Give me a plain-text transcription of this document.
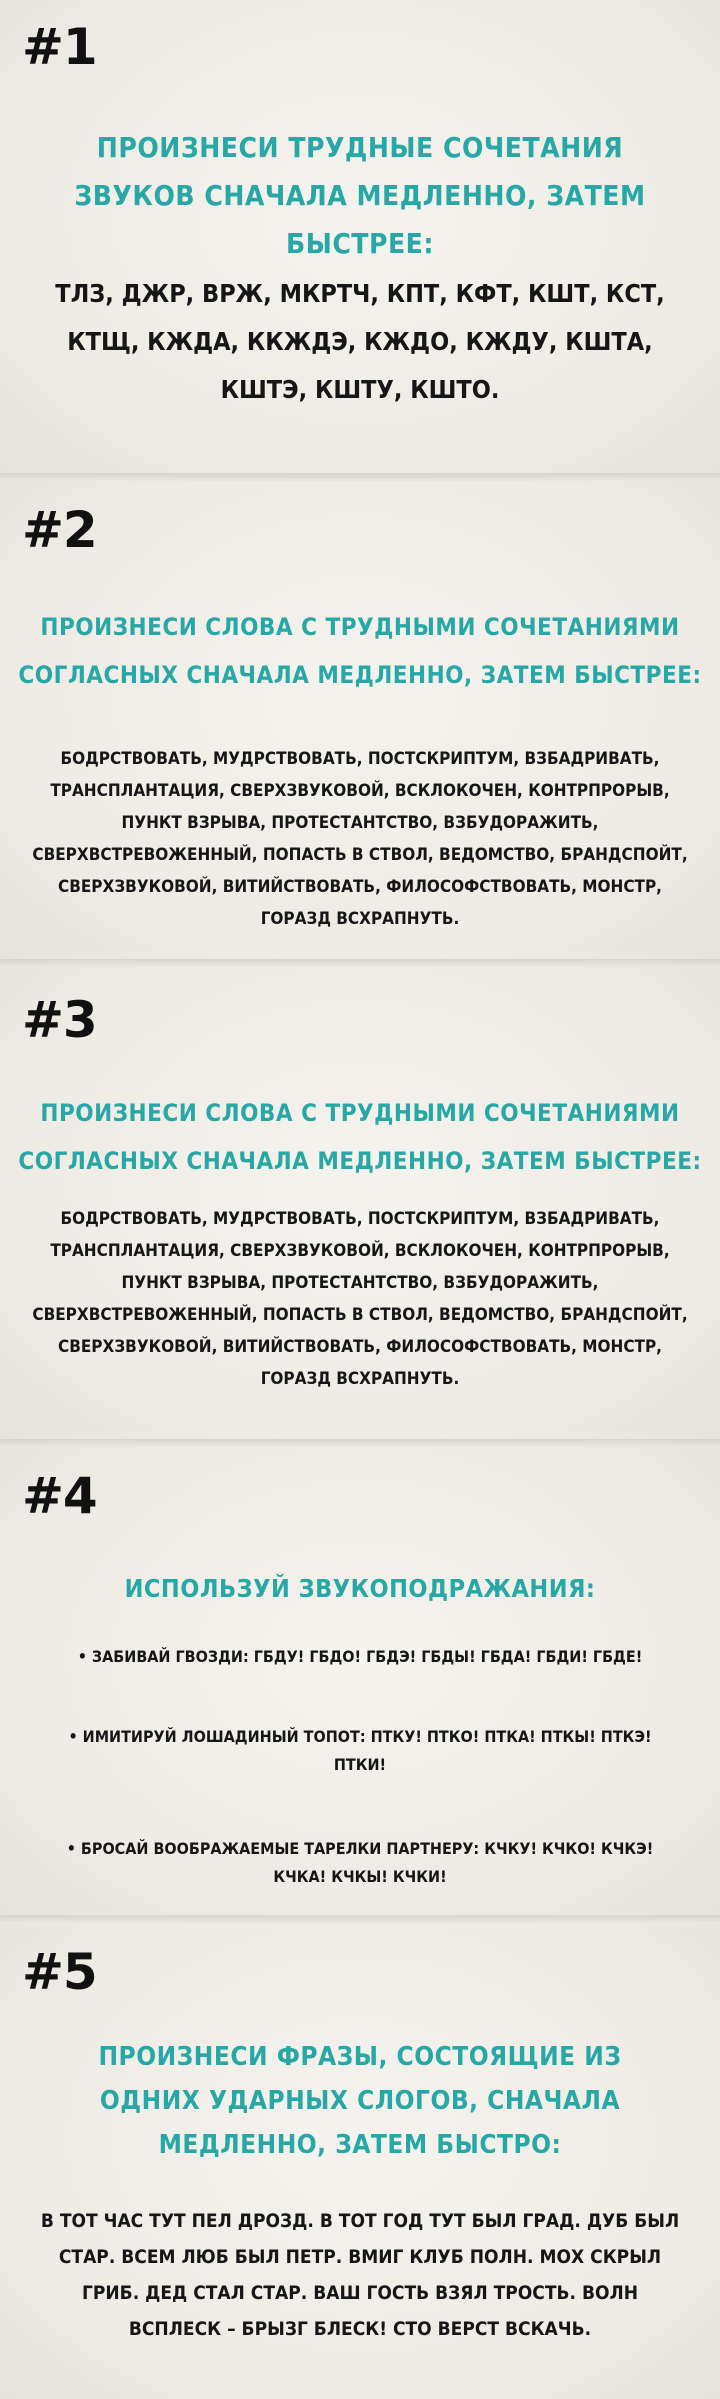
#1
ПРОИЗНЕСИ ТРУДНЫЕ СОЧЕТАНИЯ ЗВУКОВ СНАЧАЛА МЕДЛЕННО, ЗАТЕМ БЫСТРЕЕ:
ТЛЗ, ДЖР, ВРЖ, МКРТЧ, КПТ, КФТ, КШТ, КСТ, КТЩ, КЖДА, ККЖДЭ, КЖДО, КЖДУ, КШТА, КШТЭ, КШТУ, КШТО.
#2
ПРОИЗНЕСИ СЛОВА С ТРУДНЫМИ СОЧЕТАНИЯМИ СОГЛАСНЫХ СНАЧАЛА МЕДЛЕННО, ЗАТЕМ БЫСТРЕЕ:
БОДРСТВОВАТЬ, МУДРСТВОВАТЬ, ПОСТСКРИПТУМ, ВЗБАДРИВАТЬ, ТРАНСПЛАНТАЦИЯ, СВЕРХЗВУКОВОЙ, ВСКЛОКОЧЕН, КОНТРПРОРЫВ, ПУНКТ ВЗРЫВА, ПРОТЕСТАНТСТВО, ВЗБУДОРАЖИТЬ, СВЕРХВСТРЕВОЖЕННЫЙ, ПОПАСТЬ В СТВОЛ, ВЕДОМСТВО, БРАНДСПОЙТ, СВЕРХЗВУКОВОЙ, ВИТИЙСТВОВАТЬ, ФИЛОСОФСТВОВАТЬ, МОНСТР, ГОРАЗД ВСХРАПНУТЬ.
#3
ПРОИЗНЕСИ СЛОВА С ТРУДНЫМИ СОЧЕТАНИЯМИ СОГЛАСНЫХ СНАЧАЛА МЕДЛЕННО, ЗАТЕМ БЫСТРЕЕ:
БОДРСТВОВАТЬ, МУДРСТВОВАТЬ, ПОСТСКРИПТУМ, ВЗБАДРИВАТЬ, ТРАНСПЛАНТАЦИЯ, СВЕРХЗВУКОВОЙ, ВСКЛОКОЧЕН, КОНТРПРОРЫВ, ПУНКТ ВЗРЫВА, ПРОТЕСТАНТСТВО, ВЗБУДОРАЖИТЬ, СВЕРХВСТРЕВОЖЕННЫЙ, ПОПАСТЬ В СТВОЛ, ВЕДОМСТВО, БРАНДСПОЙТ, СВЕРХЗВУКОВОЙ, ВИТИЙСТВОВАТЬ, ФИЛОСОФСТВОВАТЬ, МОНСТР, ГОРАЗД ВСХРАПНУТЬ.
#4
ИСПОЛЬЗУЙ ЗВУКОПОДРАЖАНИЯ:
• ЗАБИВАЙ ГВОЗДИ: ГБДУ! ГБДО! ГБДЭ! ГБДЫ! ГБДА! ГБДИ! ГБДЕ!
• ИМИТИРУЙ ЛОШАДИНЫЙ ТОПОТ: ПТКУ! ПТКО! ПТКА! ПТКЫ! ПТКЭ! ПТКИ!
• БРОСАЙ ВООБРАЖАЕМЫЕ ТАРЕЛКИ ПАРТНЕРУ: КЧКУ! КЧКО! КЧКЭ! КЧКА! КЧКЫ! КЧКИ!
#5
ПРОИЗНЕСИ ФРАЗЫ, СОСТОЯЩИЕ ИЗ ОДНИХ УДАРНЫХ СЛОГОВ, СНАЧАЛА МЕДЛЕННО, ЗАТЕМ БЫСТРО:
В ТОТ ЧАС ТУТ ПЕЛ ДРОЗД. В ТОТ ГОД ТУТ БЫЛ ГРАД. ДУБ БЫЛ СТАР. ВСЕМ ЛЮБ БЫЛ ПЕТР. ВМИГ КЛУБ ПОЛН. МОХ СКРЫЛ ГРИБ. ДЕД СТАЛ СТАР. ВАШ ГОСТЬ ВЗЯЛ ТРОСТЬ. ВОЛН ВСПЛЕСК – БРЫЗГ БЛЕСК! СТО ВЕРСТ ВСКАЧЬ.
